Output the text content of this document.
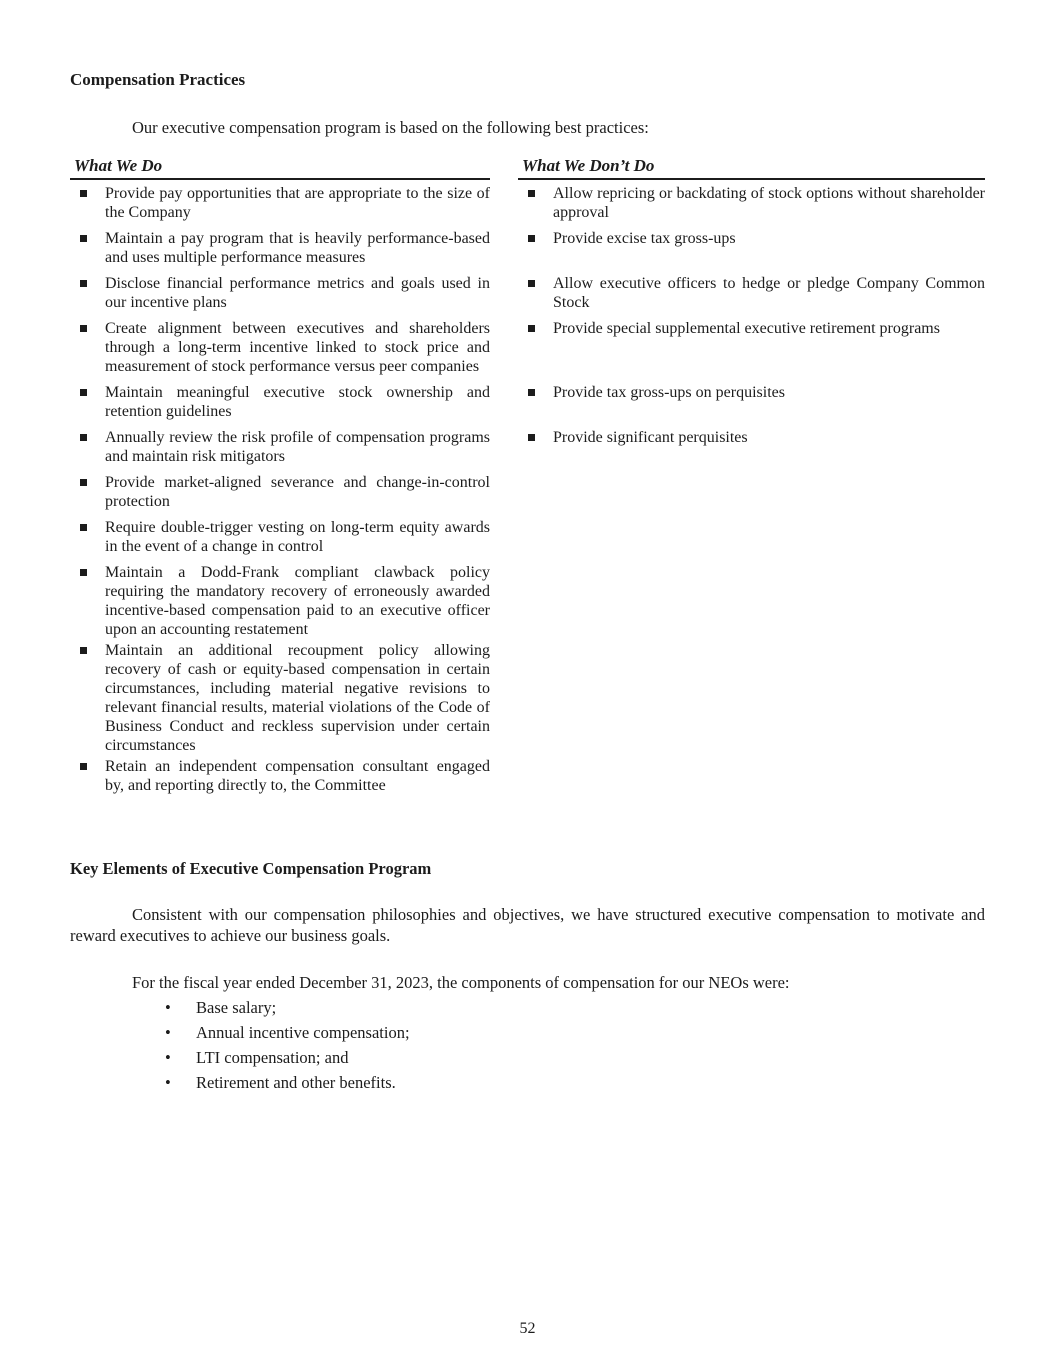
Compensation Practices
Our executive compensation program is based on the following best practices:
What We Do	What We Don’t Do
Provide pay opportunities that are appropriate to the size of the Company
Allow repricing or backdating of stock options without shareholder approval
Maintain a pay program that is heavily performance-based and uses multiple performance measures
Provide excise tax gross-ups
Disclose financial performance metrics and goals used in our incentive plans
Allow executive officers to hedge or pledge Company Common Stock
Create alignment between executives and shareholders through a long-term incentive linked to stock price and measurement of stock performance versus peer companies
Provide special supplemental executive retirement programs
Maintain meaningful executive stock ownership and retention guidelines
Provide tax gross-ups on perquisites
Annually review the risk profile of compensation programs and maintain risk mitigators
Provide significant perquisites
Provide market-aligned severance and change-in-control protection
Require double-trigger vesting on long-term equity awards in the event of a change in control
Maintain a Dodd-Frank compliant clawback policy requiring the mandatory recovery of erroneously awarded incentive-based compensation paid to an executive officer upon an accounting restatement
Maintain an additional recoupment policy allowing recovery of cash or equity-based compensation in certain circumstances, including material negative revisions to relevant financial results, material violations of the Code of Business Conduct and reckless supervision under certain circumstances
Retain an independent compensation consultant engaged by, and reporting directly to, the Committee
Key Elements of Executive Compensation Program
Consistent with our compensation philosophies and objectives, we have structured executive compensation to motivate and reward executives to achieve our business goals.
For the fiscal year ended December 31, 2023, the components of compensation for our NEOs were:
•	Base salary;
•	Annual incentive compensation;
•	LTI compensation; and
•	Retirement and other benefits.
52
